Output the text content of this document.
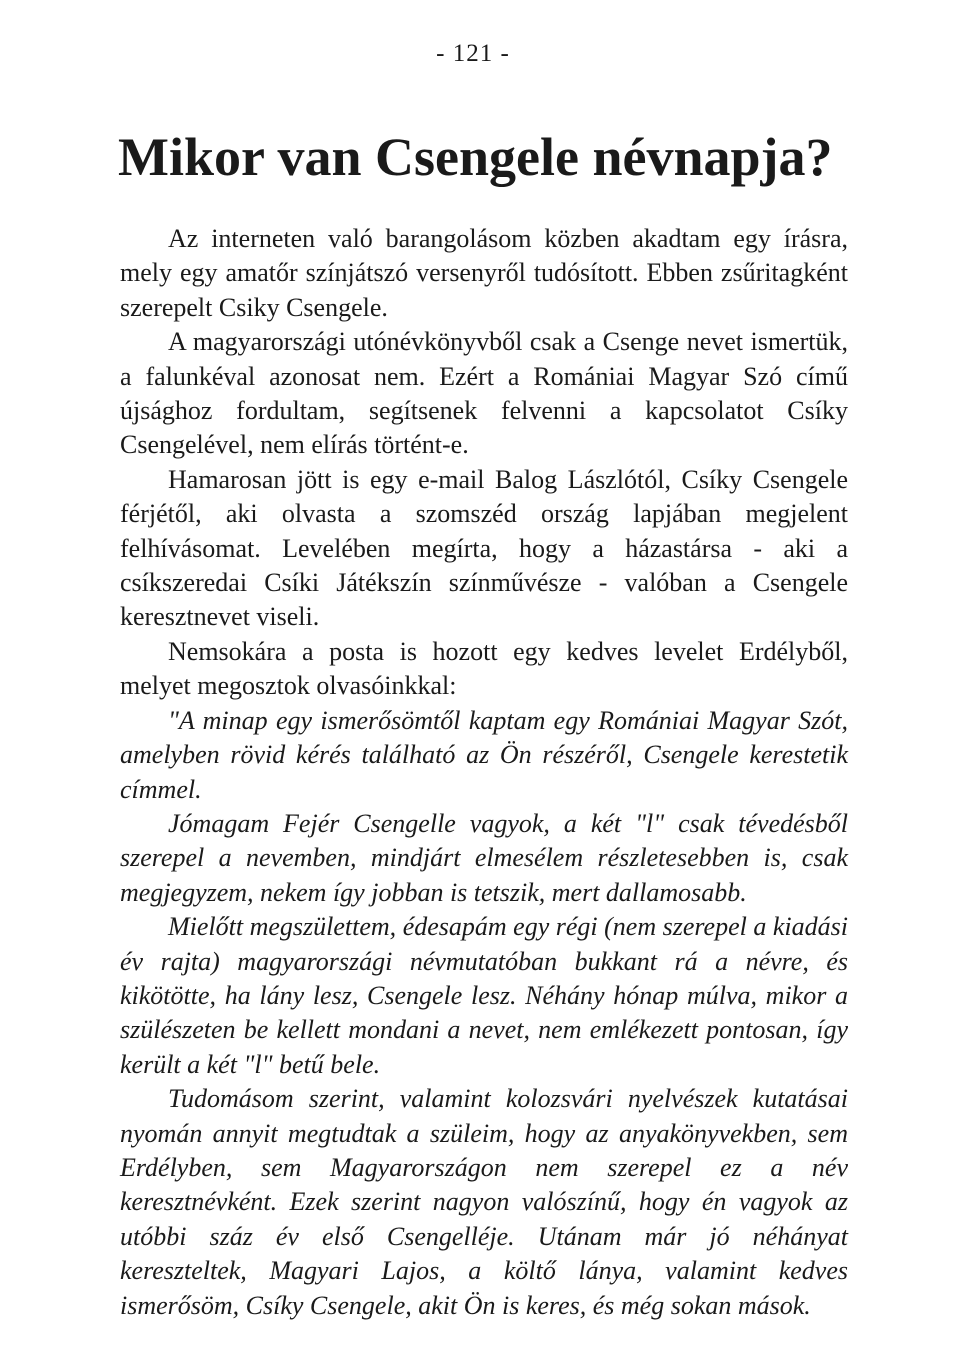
- 121 -
Mikor van Csengele névnapja?

Az interneten való barangolásom közben akadtam egy írásra, mely egy amatőr színjátszó versenyről tudósított. Ebben zsűritagként szerepelt Csiky Csengele.

A magyarországi utónévkönyvből csak a Csenge nevet ismertük, a falunkéval azonosat nem. Ezért a Romániai Magyar Szó című újsághoz fordultam, segítsenek felvenni a kapcsolatot Csíky Csengelével, nem elírás történt-e.

Hamarosan jött is egy e-mail Balog Lászlótól, Csíky Csengele férjétől, aki olvasta a szomszéd ország lapjában megjelent felhívásomat. Levelében megírta, hogy a házastársa - aki a csíkszeredai Csíki Játékszín színművésze - valóban a Csengele keresztnevet viseli.

Nemsokára a posta is hozott egy kedves levelet Erdélyből, melyet megosztok olvasóinkkal:

"A minap egy ismerősömtől kaptam egy Romániai Magyar Szót, amelyben rövid kérés található az Ön részéről, Csengele kerestetik címmel.

Jómagam Fejér Csengelle vagyok, a két "l" csak tévedésből szerepel a nevemben, mindjárt elmesélem részletesebben is, csak megjegyzem, nekem így jobban is tetszik, mert dallamosabb.

Mielőtt megszülettem, édesapám egy régi (nem szerepel a kiadási év rajta) magyarországi névmutatóban bukkant rá a névre, és kikötötte, ha lány lesz, Csengele lesz. Néhány hónap múlva, mikor a szülészeten be kellett mondani a nevet, nem emlékezett pontosan, így került a két "l" betű bele.

Tudomásom szerint, valamint kolozsvári nyelvészek kutatásai nyomán annyit megtudtak a szüleim, hogy az anyakönyvekben, sem Erdélyben, sem Magyarországon nem szerepel ez a név keresztnévként. Ezek szerint nagyon valószínű, hogy én vagyok az utóbbi száz év első Csengelléje. Utánam már jó néhányat kereszteltek, Magyari Lajos, a költő lánya, valamint kedves ismerősöm, Csíky Csengele, akit Ön is keres, és még sokan mások.
